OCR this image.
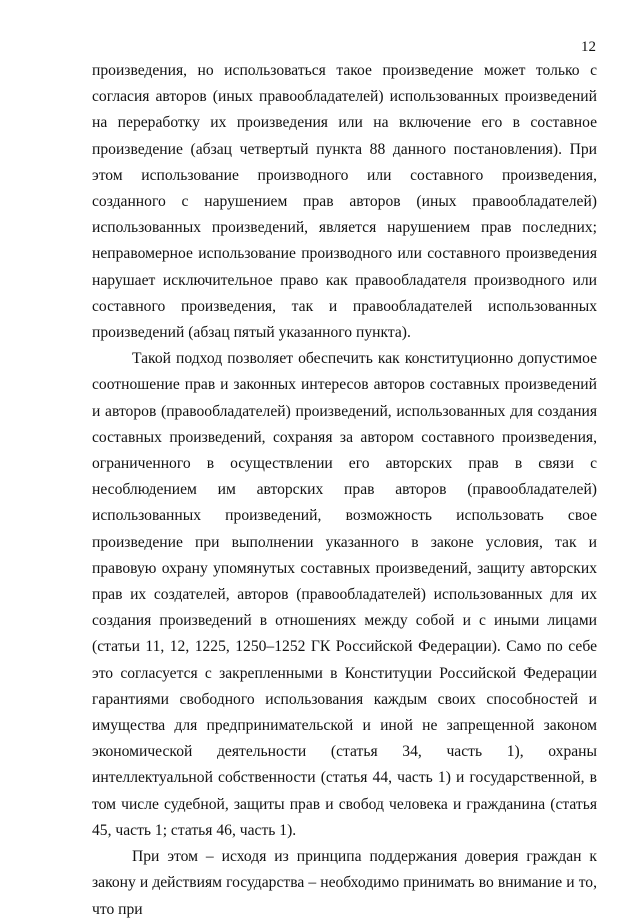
12

произведения, но использоваться такое произведение может только с согласия авторов (иных правообладателей) использованных произведений на переработку их произведения или на включение его в составное произведение (абзац четвертый пункта 88 данного постановления). При этом использование производного или составного произведения, созданного с нарушением прав авторов (иных правообладателей) использованных произведений, является нарушением прав последних; неправомерное использование производного или составного произведения нарушает исключительное право как правообладателя производного или составного произведения, так и правообладателей использованных произведений (абзац пятый указанного пункта).

Такой подход позволяет обеспечить как конституционно допустимое соотношение прав и законных интересов авторов составных произведений и авторов (правообладателей) произведений, использованных для создания составных произведений, сохраняя за автором составного произведения, ограниченного в осуществлении его авторских прав в связи с несоблюдением им авторских прав авторов (правообладателей) использованных произведений, возможность использовать свое произведение при выполнении указанного в законе условия, так и правовую охрану упомянутых составных произведений, защиту авторских прав их создателей, авторов (правообладателей) использованных для их создания произведений в отношениях между собой и с иными лицами (статьи 11, 12, 1225, 1250–1252 ГК Российской Федерации). Само по себе это согласуется с закрепленными в Конституции Российской Федерации гарантиями свободного использования каждым своих способностей и имущества для предпринимательской и иной не запрещенной законом экономической деятельности (статья 34, часть 1), охраны интеллектуальной собственности (статья 44, часть 1) и государственной, в том числе судебной, защиты прав и свобод человека и гражданина (статья 45, часть 1; статья 46, часть 1).

При этом – исходя из принципа поддержания доверия граждан к закону и действиям государства – необходимо принимать во внимание и то, что при
